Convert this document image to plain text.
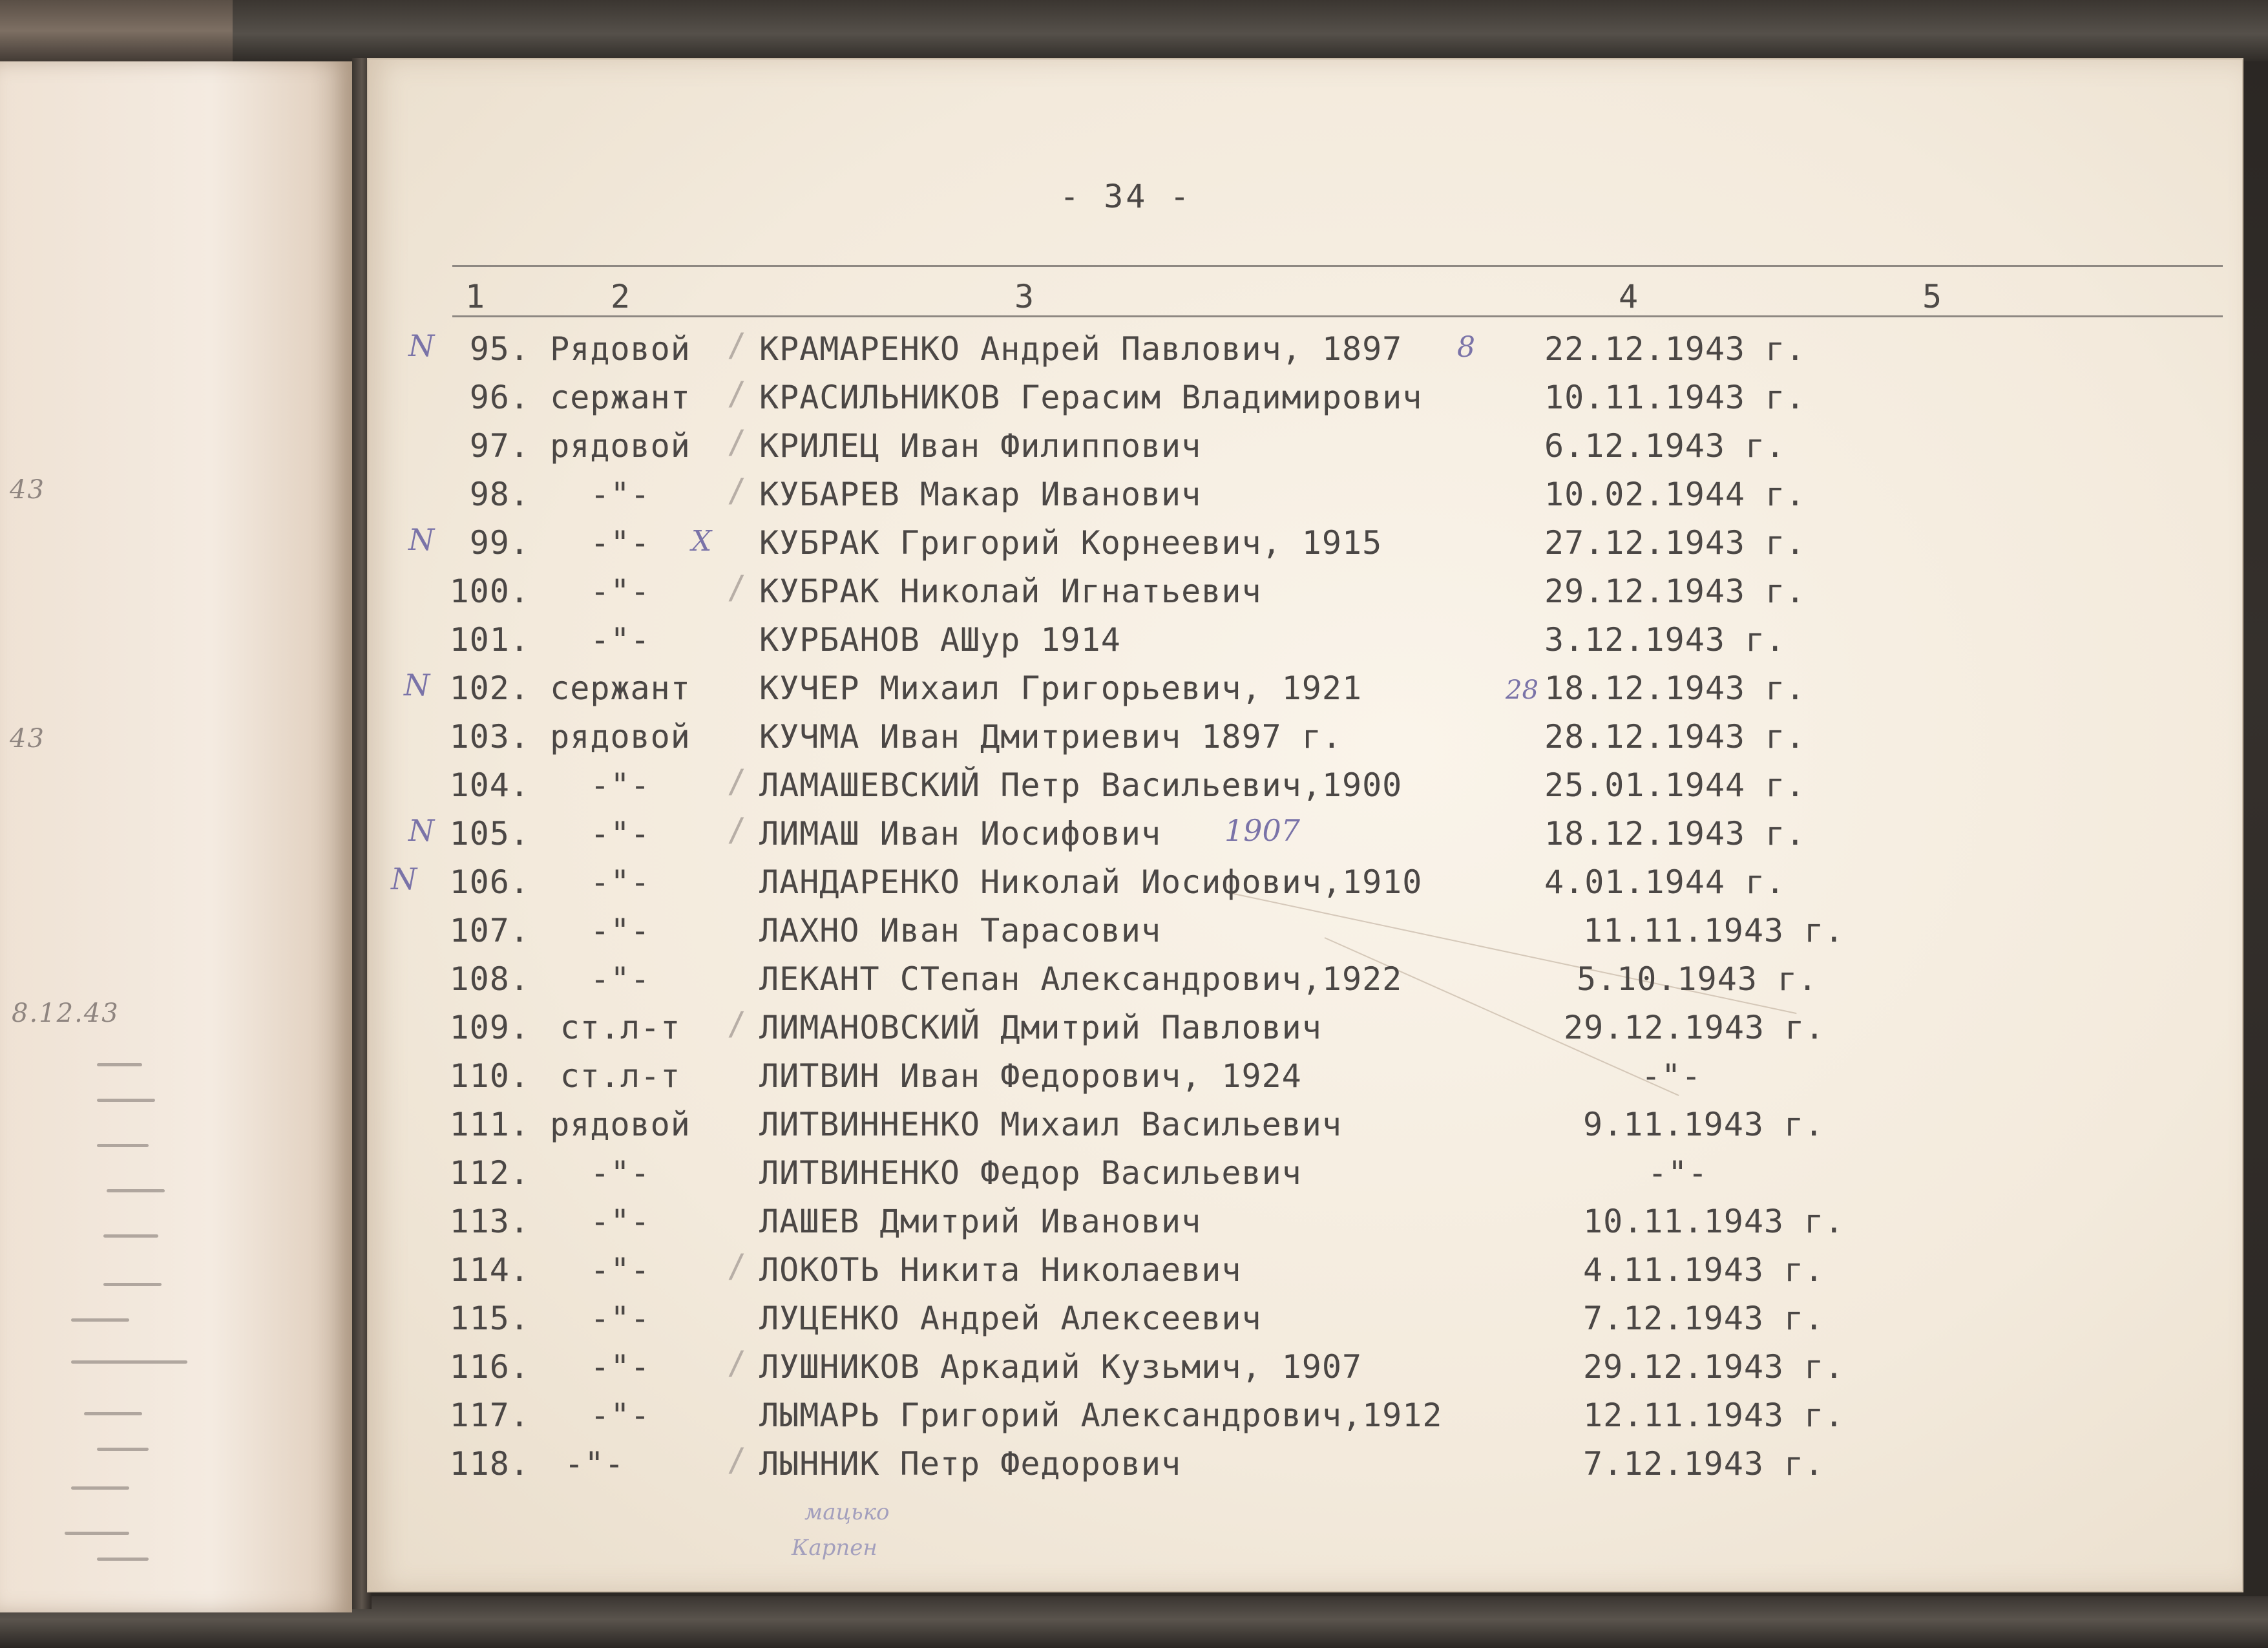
43
43
8.12.43
- 34 -
1	2	3	4	5
95. Рядовой	КРАМАРЕНКО Андрей Павлович, 1897	22.12.1943 г.
96. сержант	КРАСИЛЬНИКОВ Герасим Владимирович	10.11.1943 г.
97. рядовой	КРИЛЕЦ Иван Филиппович	6.12.1943 г.
98.	-"-	КУБАРЕВ Макар Иванович	10.02.1944 г.
99.	-"-	КУБРАК Григорий Корнеевич, 1915	27.12.1943 г.
100.	-"-	КУБРАК Николай Игнатьевич	29.12.1943 г.
101.	-"-	КУРБАНОВ АШур 1914	3.12.1943 г.
102. сержант	КУЧЕР Михаил Григорьевич, 1921	18.12.1943 г.
103. рядовой	КУЧМА Иван Дмитриевич 1897 г.	28.12.1943 г.
104.	-"-	ЛАМАШЕВСКИЙ Петр Васильевич,1900	25.01.1944 г.
105.	-"-	ЛИМАШ Иван Иосифович	18.12.1943 г.
106.	-"-	ЛАНДАРЕНКО Николай Иосифович,1910	4.01.1944 г.
107.	-"-	ЛАХНО Иван Тарасович	11.11.1943 г.
108.	-"-	ЛЕКАНТ СТепан Александрович,1922	5.10.1943 г.
109. ст.л-т	ЛИМАНОВСКИЙ Дмитрий Павлович	29.12.1943 г.
110. ст.л-т	ЛИТВИН Иван Федорович, 1924	-"-
111. рядовой	ЛИТВИННЕНКО Михаил Васильевич	9.11.1943 г.
112.	-"-	ЛИТВИНЕНКО Федор Васильевич	-"-
113.	-"-	ЛАШЕВ Дмитрий Иванович	10.11.1943 г.
114.	-"-	ЛОКОТЬ Никита Николаевич	4.11.1943 г.
115.	-"-	ЛУЦЕНКО Андрей Алексеевич	7.12.1943 г.
116.	-"-	ЛУШНИКОВ Аркадий Кузьмич, 1907	29.12.1943 г.
117.	-"-	ЛЫМАРЬ Григорий Александрович,1912	12.11.1943 г.
118.	-"-	ЛЫННИК Петр Федорович	7.12.1943 г.
/
/
/
/
/
/
/
/
/
/
/
N
N
N
N
N
8
1907
28
X
мацько
Карпен
